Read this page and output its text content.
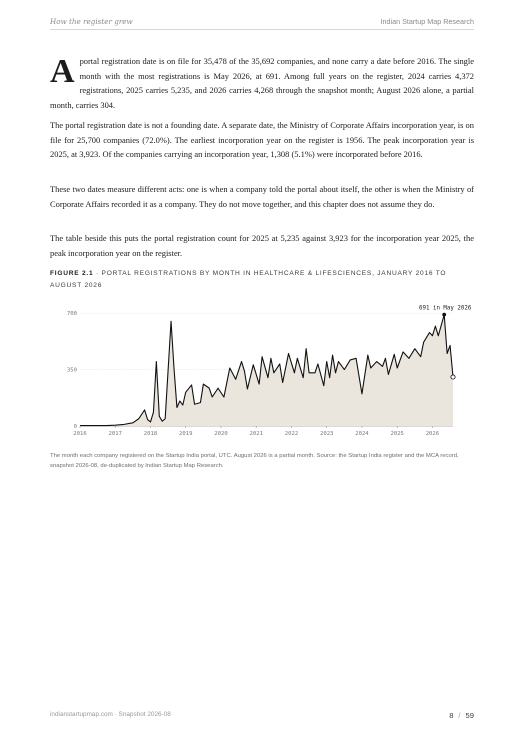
How the register grew	Indian Startup Map Research

Aportal registration date is on file for 35,478 of the 35,692 companies, and none carry a date before 2016. The single month with the most registrations is May 2026, at 691. Among full years on the register, 2024 carries 4,372 registrations, 2025 carries 5,235, and 2026 carries 4,268 through the snapshot month; August 2026 alone, a partial month, carries 304.

The portal registration date is not a founding date. A separate date, the Ministry of Corporate Affairs incorporation year, is on file for 25,700 companies (72.0%). The earliest incorporation year on the register is 1956. The peak incorporation year is 2025, at 3,923. Of the companies carrying an incorporation year, 1,308 (5.1%) were incorporated before 2016.

These two dates measure different acts: one is when a company told the portal about itself, the other is when the Ministry of Corporate Affairs recorded it as a company. They do not move together, and this chapter does not assume they do.

The table beside this puts the portal registration count for 2025 at 5,235 against 3,923 for the incorporation year 2025, the peak incorporation year on the register.

FIGURE 2.1 · PORTAL REGISTRATIONS BY MONTH IN HEALTHCARE & LIFESCIENCES, JANUARY 2016 TO AUGUST 2026

0
350
700
2016	2017	2018	2019	2020	2021	2022	2023	2024	2025	2026
691 in May 2026

The month each company registered on the Startup India portal, UTC. August 2026 is a partial month. Source: the Startup India register and the MCA record, snapshot 2026-08, de-duplicated by Indian Startup Map Research.

indianstartupmap.com · Snapshot 2026-08	8 / 59
